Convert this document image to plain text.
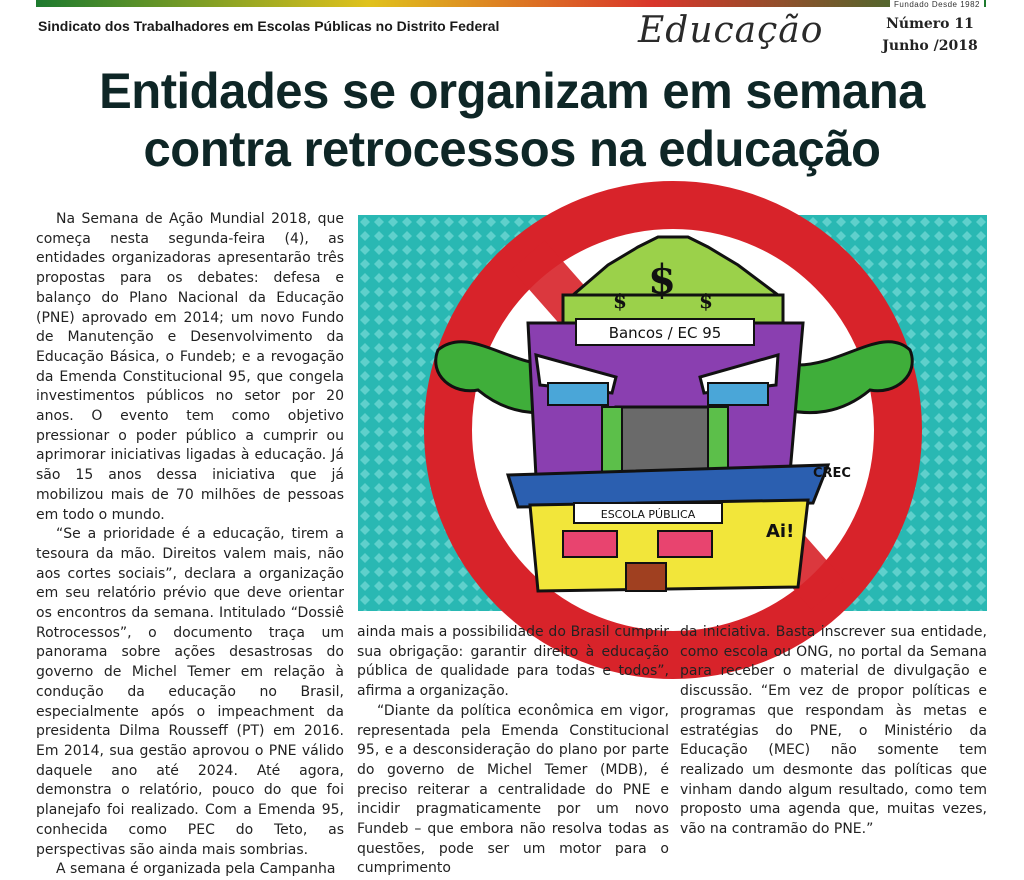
Fundado Desde 1982
Sindicato dos Trabalhadores em Escolas Públicas no Distrito Federal	Educação	Número 11
Junho /2018
Entidades se organizam em semana
contra retrocessos na educação

Na Semana de Ação Mundial 2018, que começa nesta segunda-feira (4), as entidades organizadoras apresentarão três propostas para os debates: defesa e balanço do Plano Nacional da Educação (PNE) aprovado em 2014; um novo Fundo de Manutenção e Desenvolvimento da Educação Básica, o Fundeb; e a revogação da Emenda Constitucional 95, que congela investimentos públicos no setor por 20 anos. O evento tem como objetivo pressionar o poder público a cumprir ou aprimorar iniciativas ligadas à educação. Já são 15 anos dessa iniciativa que já mobilizou mais de 70 milhões de pessoas em todo o mundo.

“Se a prioridade é a educação, tirem a tesoura da mão. Direitos valem mais, não aos cortes sociais”, declara a organização em seu relatório prévio que deve orientar os encontros da semana. Intitulado “Dossiê Rotrocessos”, o documento traça um panorama sobre ações desastrosas do governo de Michel Temer em relação à condução da educação no Brasil, especialmente após o impeachment da presidenta Dilma Rousseff (PT) em 2016. Em 2014, sua gestão aprovou o PNE válido daquele ano até 2024. Até agora, demonstra o relatório, pouco do que foi planejafo foi realizado. Com a Emenda 95, conhecida como PEC do Teto, as perspectivas são ainda mais sombrias.

A semana é organizada pela Campanha

$
$	$
Bancos / EC 95
ESCOLA PÚBLICA
CREC
Ai!

ainda mais a possibilidade do Brasil cumprir sua obrigação: garantir direito à educação pública de qualidade para todas e todos”, afirma a organização.

“Diante da política econômica em vigor, representada pela Emenda Constitucional 95, e a desconsideração do plano por parte do governo de Michel Temer (MDB), é preciso reiterar a centralidade do PNE e incidir pragmaticamente por um novo Fundeb – que embora não resolva todas as questões, pode ser um motor para o cumprimento

da iniciativa. Basta inscrever sua entidade, como escola ou ONG, no portal da Semana para receber o material de divulgação e discussão. “Em vez de propor políticas e programas que respondam às metas e estratégias do PNE, o Ministério da Educação (MEC) não somente tem realizado um desmonte das políticas que vinham dando algum resultado, como tem proposto uma agenda que, muitas vezes, vão na contramão do PNE.”
